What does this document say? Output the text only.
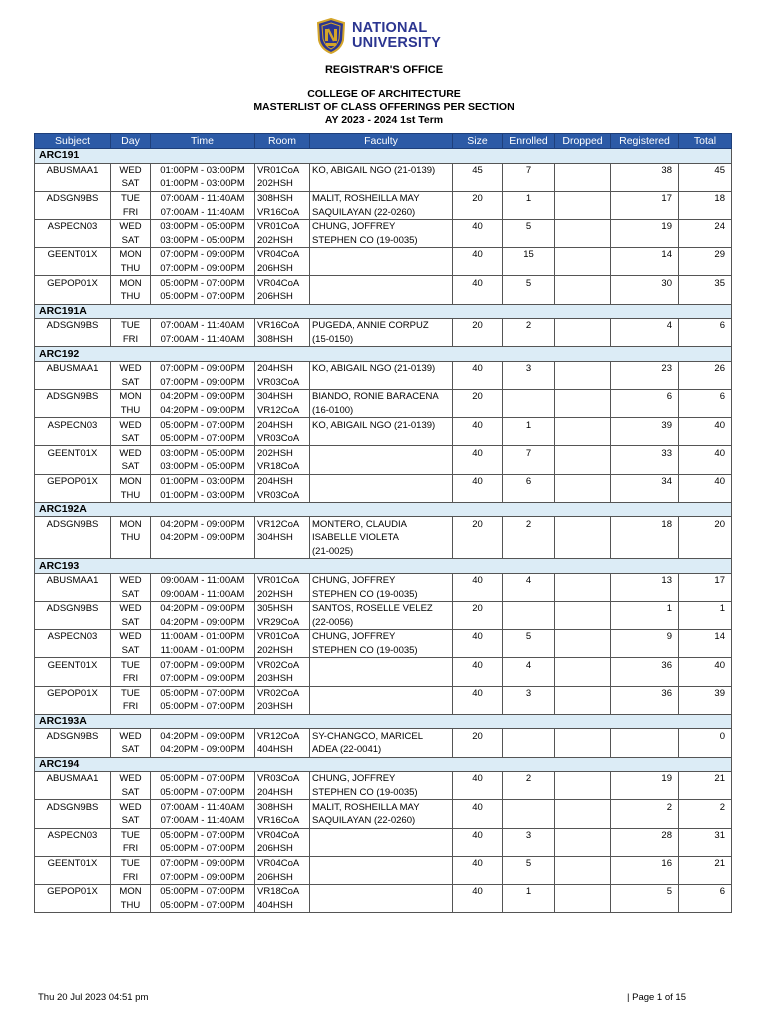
NATIONAL
UNIVERSITY
REGISTRAR'S OFFICE
COLLEGE OF ARCHITECTURE
MASTERLIST OF CLASS OFFERINGS PER SECTION
AY 2023 - 2024 1st Term
Subject	Day	Time	Room	Faculty	Size	Enrolled	Dropped	Registered	Total
ARC191									
ABUSMAA1	WED	01:00PM - 03:00PM	VR01CoA	KO, ABIGAIL NGO (21-0139)	45	7		38	45
	SAT	01:00PM - 03:00PM	202HSH						
ADSGN9BS	TUE	07:00AM - 11:40AM	308HSH	MALIT, ROSHEILLA MAY	20	1		17	18
	FRI	07:00AM - 11:40AM	VR16CoA	SAQUILAYAN (22-0260)					
ASPECN03	WED	03:00PM - 05:00PM	VR01CoA	CHUNG, JOFFREY	40	5		19	24
	SAT	03:00PM - 05:00PM	202HSH	STEPHEN CO (19-0035)					
GEENT01X	MON	07:00PM - 09:00PM	VR04CoA		40	15		14	29
	THU	07:00PM - 09:00PM	206HSH						
GEPOP01X	MON	05:00PM - 07:00PM	VR04CoA		40	5		30	35
	THU	05:00PM - 07:00PM	206HSH						
ARC191A									
ADSGN9BS	TUE	07:00AM - 11:40AM	VR16CoA	PUGEDA, ANNIE CORPUZ	20	2		4	6
	FRI	07:00AM - 11:40AM	308HSH	(15-0150)					
ARC192									
ABUSMAA1	WED	07:00PM - 09:00PM	204HSH	KO, ABIGAIL NGO (21-0139)	40	3		23	26
	SAT	07:00PM - 09:00PM	VR03CoA						
ADSGN9BS	MON	04:20PM - 09:00PM	304HSH	BIANDO, RONIE BARACENA	20			6	6
	THU	04:20PM - 09:00PM	VR12CoA	(16-0100)					
ASPECN03	WED	05:00PM - 07:00PM	204HSH	KO, ABIGAIL NGO (21-0139)	40	1		39	40
	SAT	05:00PM - 07:00PM	VR03CoA						
GEENT01X	WED	03:00PM - 05:00PM	202HSH		40	7		33	40
	SAT	03:00PM - 05:00PM	VR18CoA						
GEPOP01X	MON	01:00PM - 03:00PM	204HSH		40	6		34	40
	THU	01:00PM - 03:00PM	VR03CoA						
ARC192A									
ADSGN9BS	MON	04:20PM - 09:00PM	VR12CoA	MONTERO, CLAUDIA	20	2		18	20
	THU	04:20PM - 09:00PM	304HSH	ISABELLE VIOLETA					
				(21-0025)					
ARC193									
ABUSMAA1	WED	09:00AM - 11:00AM	VR01CoA	CHUNG, JOFFREY	40	4		13	17
	SAT	09:00AM - 11:00AM	202HSH	STEPHEN CO (19-0035)					
ADSGN9BS	WED	04:20PM - 09:00PM	305HSH	SANTOS, ROSELLE VELEZ	20			1	1
	SAT	04:20PM - 09:00PM	VR29CoA	(22-0056)					
ASPECN03	WED	11:00AM - 01:00PM	VR01CoA	CHUNG, JOFFREY	40	5		9	14
	SAT	11:00AM - 01:00PM	202HSH	STEPHEN CO (19-0035)					
GEENT01X	TUE	07:00PM - 09:00PM	VR02CoA		40	4		36	40
	FRI	07:00PM - 09:00PM	203HSH						
GEPOP01X	TUE	05:00PM - 07:00PM	VR02CoA		40	3		36	39
	FRI	05:00PM - 07:00PM	203HSH						
ARC193A									
ADSGN9BS	WED	04:20PM - 09:00PM	VR12CoA	SY-CHANGCO, MARICEL	20				0
	SAT	04:20PM - 09:00PM	404HSH	ADEA (22-0041)					
ARC194									
ABUSMAA1	WED	05:00PM - 07:00PM	VR03CoA	CHUNG, JOFFREY	40	2		19	21
	SAT	05:00PM - 07:00PM	204HSH	STEPHEN CO (19-0035)					
ADSGN9BS	WED	07:00AM - 11:40AM	308HSH	MALIT, ROSHEILLA MAY	40			2	2
	SAT	07:00AM - 11:40AM	VR16CoA	SAQUILAYAN (22-0260)					
ASPECN03	TUE	05:00PM - 07:00PM	VR04CoA		40	3		28	31
	FRI	05:00PM - 07:00PM	206HSH						
GEENT01X	TUE	07:00PM - 09:00PM	VR04CoA		40	5		16	21
	FRI	07:00PM - 09:00PM	206HSH						
GEPOP01X	MON	05:00PM - 07:00PM	VR18CoA		40	1		5	6
	THU	05:00PM - 07:00PM	404HSH						
Thu 20 Jul 2023 04:51 pm	| Page 1 of 15
